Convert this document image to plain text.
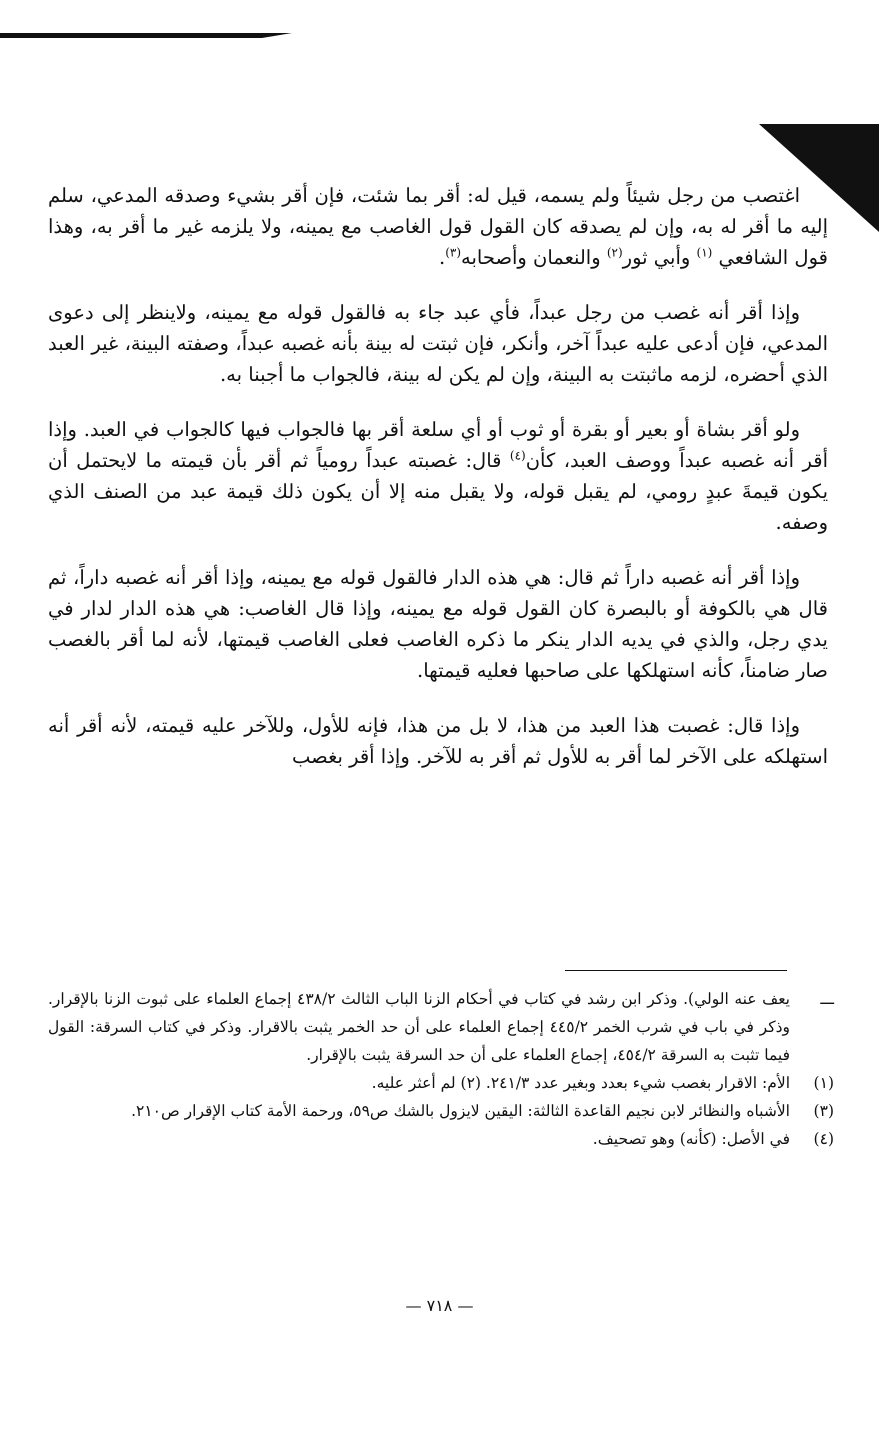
اغتصب من رجل شيئاً ولم يسمه، قيل له: أقر بما شئت، فإن أقر بشيء وصدقه المدعي، سلم إليه ما أقر له به، وإن لم يصدقه كان القول قول الغاصب مع يمينه، ولا يلزمه غير ما أقر به، وهذا قول الشافعي $^{(١)}$ وأبي ثور$^{(٢)}$ والنعمان وأصحابه$^{(٣)}$.

وإذا أقر أنه غصب من رجل عبداً، فأي عبد جاء به فالقول قوله مع يمينه، ولاينظر إلى دعوى المدعي، فإن أدعى عليه عبداً آخر، وأنكر، فإن ثبتت له بينة بأنه غصبه عبداً، وصفته البينة، غير العبد الذي أحضره، لزمه ماثبتت به البينة، وإن لم يكن له بينة، فالجواب ما أجبنا به.

ولو أقر بشاة أو بعير أو بقرة أو ثوب أو أي سلعة أقر بها فالجواب فيها كالجواب في العبد. وإذا أقر أنه غصبه عبداً ووصف العبد، كأن$^{(٤)}$ قال: غصبته عبداً رومياً ثم أقر بأن قيمته ما لايحتمل أن يكون قيمةَ عبدٍ رومي، لم يقبل قوله، ولا يقبل منه إلا أن يكون ذلك قيمة عبد من الصنف الذي وصفه.

وإذا أقر أنه غصبه داراً ثم قال: هي هذه الدار فالقول قوله مع يمينه، وإذا أقر أنه غصبه داراً، ثم قال هي بالكوفة أو بالبصرة كان القول قوله مع يمينه، وإذا قال الغاصب: هي هذه الدار لدار في يدي رجل، والذي في يديه الدار ينكر ما ذكره الغاصب فعلى الغاصب قيمتها، لأنه لما أقر بالغصب صار ضامناً، كأنه استهلكها على صاحبها فعليه قيمتها.

وإذا قال: غصبت هذا العبد من هذا، لا بل من هذا، فإنه للأول، وللآخر عليه قيمته، لأنه أقر أنه استهلكه على الآخر لما أقر به للأول ثم أقر به للآخر. وإذا أقر بغصب

ـــ
يعف عنه الولي). وذكر ابن رشد في كتاب في أحكام الزنا الباب الثالث ٤٣٨/٢ إجماع العلماء على ثبوت الزنا بالإقرار. وذكر في باب في شرب الخمر ٤٤٥/٢ إجماع العلماء على أن حد الخمر يثبت بالاقرار. وذكر في كتاب السرقة: القول فيما تثبت به السرقة ٤٥٤/٢، إجماع العلماء على أن حد السرقة يثبت بالإقرار.
(١)
الأم: الاقرار بغصب شيء بعدد وبغير عدد ٢٤١/٣. (٢) لم أعثر عليه.
(٣)
الأشباه والنظائر لابن نجيم القاعدة الثالثة: اليقين لايزول بالشك ص٥٩، ورحمة الأمة كتاب الإقرار ص٢١٠.
(٤)
في الأصل: (كأنه) وهو تصحيف.
— ٧١٨ —
